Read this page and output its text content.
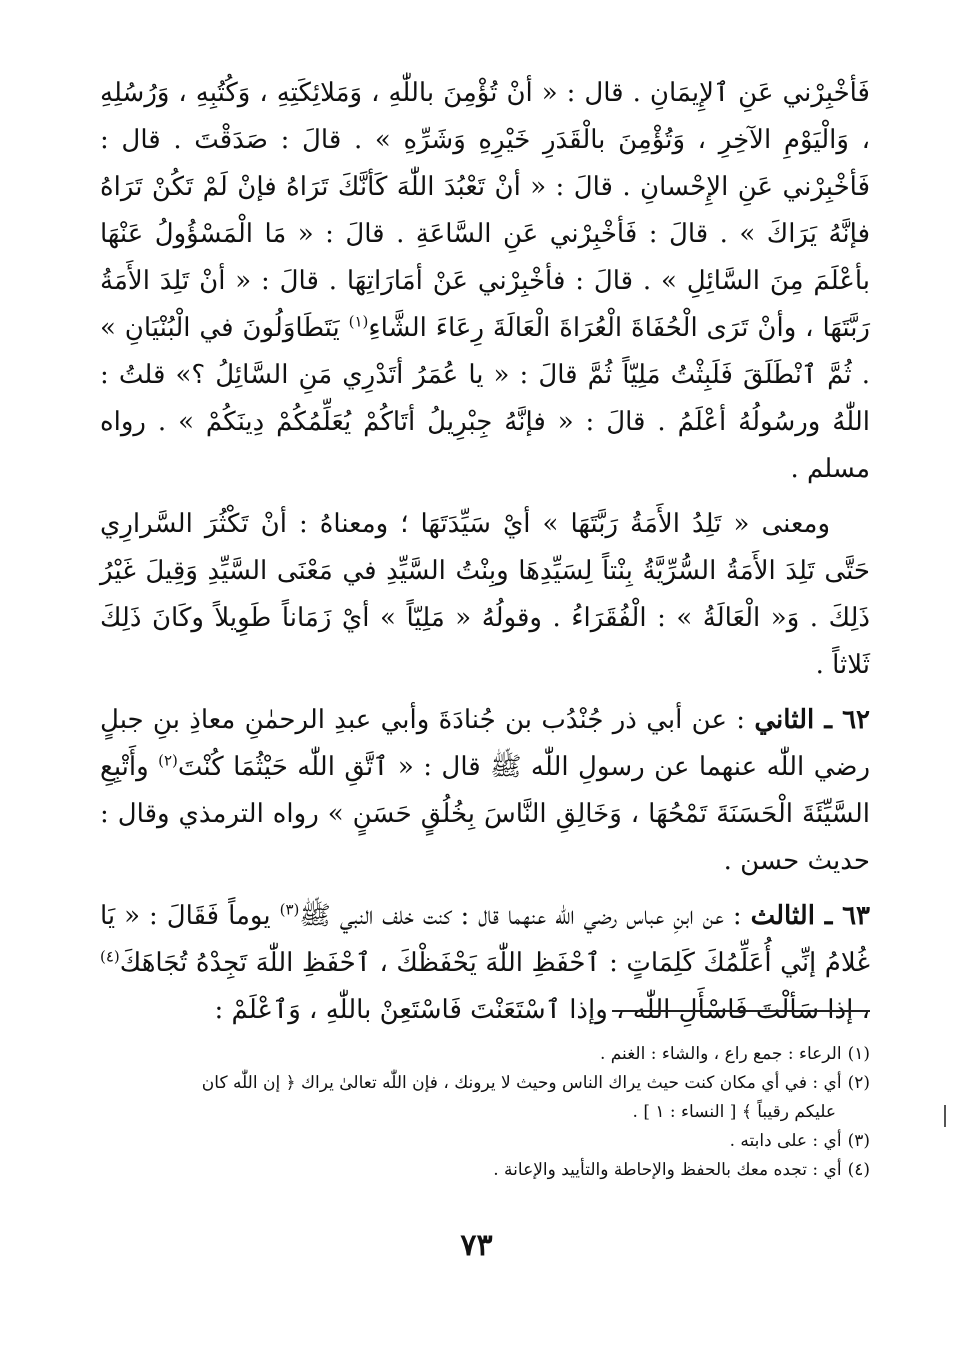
فَأخْبِرْني عَنِ ٱلإِيمَانِ . قال : « أنْ تُؤْمِنَ باللّٰهِ ، وَمَلائِكَتِهِ ، وَكُتُبِهِ ، وَرُسُلِهِ ، وَالْيَوْمِ الآخِرِ ، وَتُؤْمِنَ بالْقَدَرِ خَيْرِهِ وَشَرِّهِ » . قالَ : صَدَقْتَ . قال : فَأخْبِرْني عَنِ الإِحْسانِ . قالَ : « أنْ تَعْبُدَ اللّٰهَ كَأنَّكَ تَرَاهُ فإنْ لَمْ تَكُنْ تَرَاهُ فإنَّهُ يَرَاكَ » . قالَ : فَأخْبِرْني عَنِ السَّاعَةِ . قالَ : « مَا الْمَسْؤُولُ عَنْهَا بأعْلَمَ مِنَ السَّائِلِ » . قالَ : فأخْبِرْني عَنْ أمَارَاتِهَا . قالَ : « أنْ تَلِدَ الأَمَةُ رَبَّتَهَا ، وأنْ تَرَى الْحُفَاةَ الْعُرَاةَ الْعَالَةَ رِعَاءَ الشَّاءِ$^{(١)}$ يَتَطَاوَلُونَ في الْبُنْيَانِ » . ثُمَّ ٱنْطَلَقَ فَلَبِثْتُ مَلِيّاً ثُمَّ قالَ : « يا عُمَرُ أتَدْرِي مَنِ السَّائِلُ ؟» قلتُ : اللّٰهُ ورسُولُهُ أعْلَمُ . قالَ : « فإنَّهُ جِبْرِيلُ أتَاكُمْ يُعَلِّمُكُمْ دِينَكُمْ » . رواه مسلم .

ومعنى « تَلِدُ الأَمَةُ رَبَّتَهَا » أيْ سَيِّدَتَهَا ؛ ومعناهُ : أنْ تَكْثُرَ السَّرارِي حَتَّى تَلِدَ الأَمَةُ السُّرِّيَّةُ بِنْتاً لِسَيِّدِهَا وبِنْتُ السَّيِّدِ في مَعْنَى السَّيِّدِ وَقِيلَ غَيْرُ ذَلِكَ . وَ« الْعَالَةُ » : الْفُقَرَاءُ . وقولُهُ « مَلِيّاً » أيْ زَمَاناً طَوِيلاً وكَانَ ذَلِكَ ثَلاثاً .

٦٢ ـ الثاني : عن أبي ذر جُنْدُب بن جُنادَةَ وأبي عبدِ الرحمٰنِ معاذِ بنِ جبلٍ رضي اللّٰه عنهما عن رسولِ اللّٰه ﷺ قال : « ٱتَّقِ اللّٰه حَيْثُمَا كُنْتَ$^{(٢)}$ وأَتْبِعِ السَّيِّئَةَ الْحَسَنَةَ تَمْحُهَا ، وَخَالِقِ النَّاسَ بِخُلُقٍ حَسَنٍ » رواه الترمذي وقال : حديث حسن .

٦٣ ـ الثالث : عن ابنِ عباس رضي اللّٰه عنهما قال : كنت خلف النبي ﷺ$^{(٣)}$ يوماً فَقَالَ : « يَا غُلامُ إنِّي أُعَلِّمُكَ كَلِمَاتٍ : ٱحْفَظِ اللّٰهَ يَحْفَظْكَ ، ٱحْفَظِ اللّٰهَ تَجِدْهُ تُجَاهَكَ$^{(٤)}$ ، إذا سَألْتَ فَاسْأَلِ اللّٰه ، وإذا ٱسْتَعَنْتَ فَاسْتَعِنْ باللّٰهِ ، وَٱعْلَمْ :

(١)الرعاء : جمع راع ، والشاء : الغنم .

(٢)أي : في أي مكان كنت حيث يراك الناس وحيث لا يرونك ، فإن اللّٰه تعالىٰ يراك ﴿ إن اللّٰه كان

عليكم رقيباً ﴾ [ النساء : ١ ] .

(٣)أي : على دابته .

(٤)أي : تجده معك بالحفظ والإحاطة والتأييد والإعانة .

٧٣
